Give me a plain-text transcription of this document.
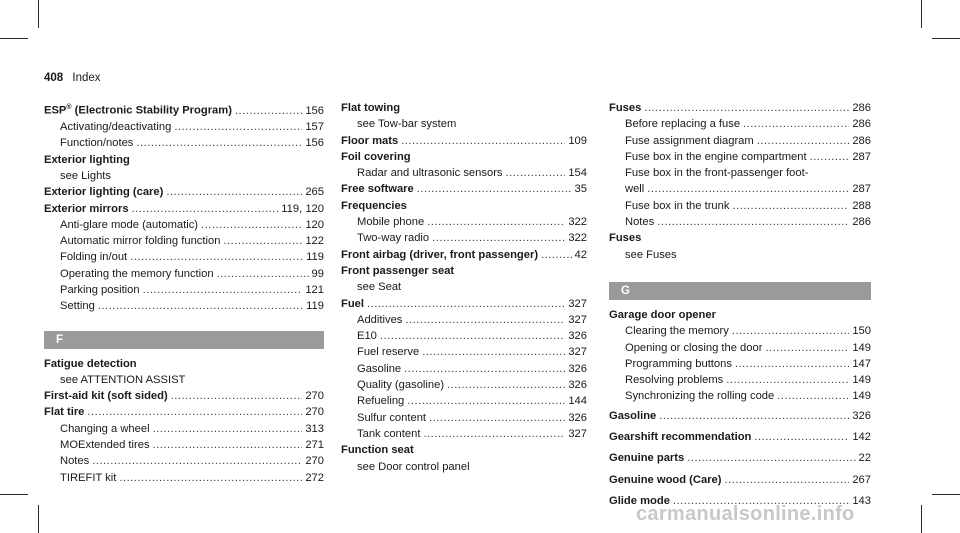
408 Index
ESP® (Electronic Stability Program) .....	156
Activating/deactivating .....	157
Function/notes .....	156
Exterior lighting
see Lights
Exterior lighting (care) .....	265
Exterior mirrors .....	119, 120
Anti-glare mode (automatic) .....	120
Automatic mirror folding function .....	122
Folding in/out .....	119
Operating the memory function .....	99
Parking position .....	121
Setting .....	119
F
Fatigue detection
see ATTENTION ASSIST
First-aid kit (soft sided) .....	270
Flat tire .....	270
Changing a wheel .....	313
MOExtended tires .....	271
Notes .....	270
TIREFIT kit .....	272
Flat towing
see Tow-bar system
Floor mats .....	109
Foil covering
Radar and ultrasonic sensors .....	154
Free software .....	35
Frequencies
Mobile phone .....	322
Two-way radio .....	322
Front airbag (driver, front passenger) .....	42
Front passenger seat
see Seat
Fuel .....	327
Additives .....	327
E10 .....	326
Fuel reserve .....	327
Gasoline .....	326
Quality (gasoline) .....	326
Refueling .....	144
Sulfur content .....	326
Tank content .....	327
Function seat
see Door control panel
Fuses .....	286
Before replacing a fuse .....	286
Fuse assignment diagram .....	286
Fuse box in the engine compartment .....	287
Fuse box in the front-passenger foot-
well .....	287
Fuse box in the trunk .....	288
Notes .....	286
Fuses
see Fuses
G
Garage door opener
Clearing the memory .....	150
Opening or closing the door .....	149
Programming buttons .....	147
Resolving problems .....	149
Synchronizing the rolling code .....	149
Gasoline .....	326
Gearshift recommendation .....	142
Genuine parts .....	22
Genuine wood (Care) .....	267
Glide mode .....	143
carmanualsonline.info
